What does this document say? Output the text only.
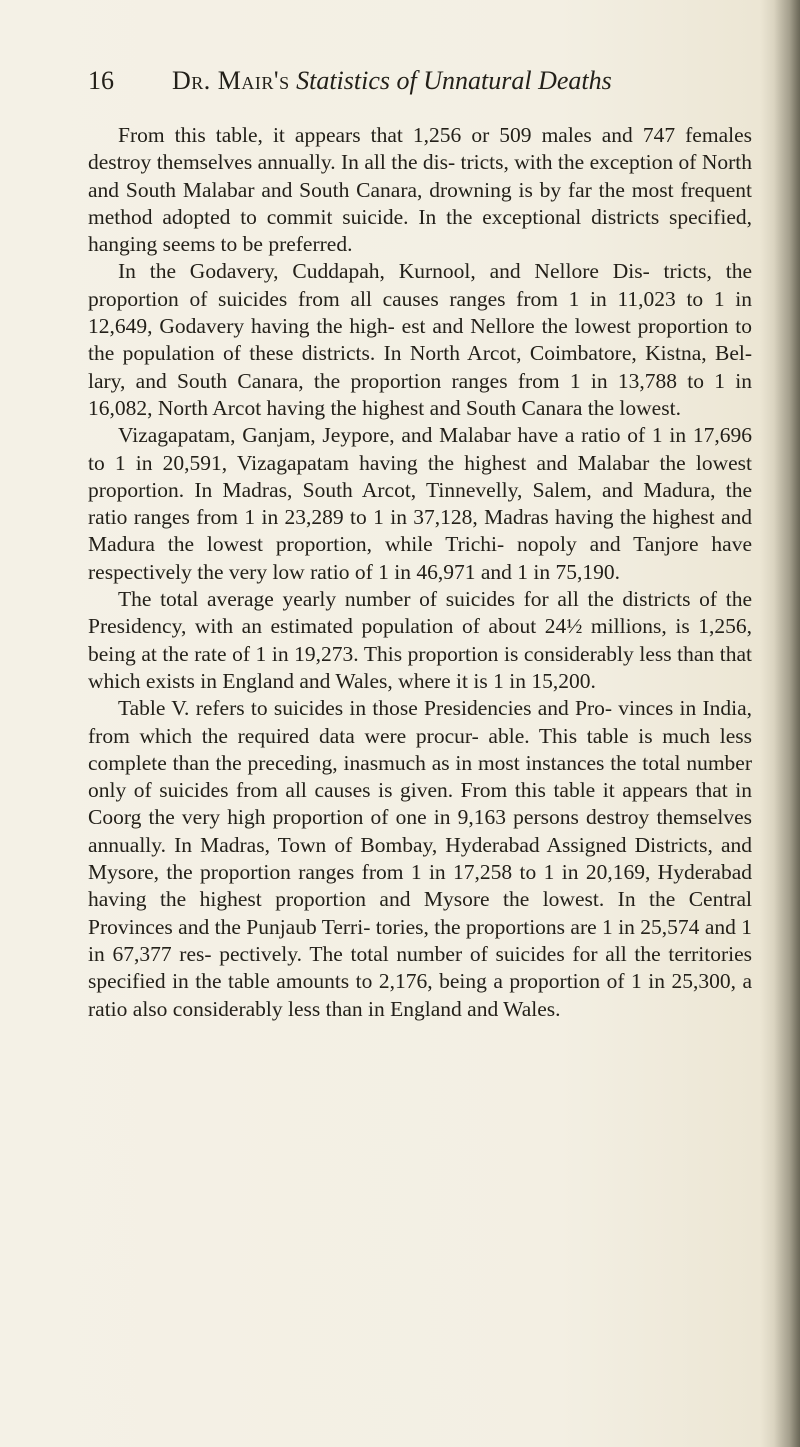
16 Dr. Mair's Statistics of Unnatural Deaths

From this table, it appears that 1,256 or 509 males and 747 females destroy themselves annually. In all the dis- tricts, with the exception of North and South Malabar and South Canara, drowning is by far the most frequent method adopted to commit suicide. In the exceptional districts specified, hanging seems to be preferred.

In the Godavery, Cuddapah, Kurnool, and Nellore Dis- tricts, the proportion of suicides from all causes ranges from 1 in 11,023 to 1 in 12,649, Godavery having the high- est and Nellore the lowest proportion to the population of these districts. In North Arcot, Coimbatore, Kistna, Bel- lary, and South Canara, the proportion ranges from 1 in 13,788 to 1 in 16,082, North Arcot having the highest and South Canara the lowest.

Vizagapatam, Ganjam, Jeypore, and Malabar have a ratio of 1 in 17,696 to 1 in 20,591, Vizagapatam having the highest and Malabar the lowest proportion. In Madras, South Arcot, Tinnevelly, Salem, and Madura, the ratio ranges from 1 in 23,289 to 1 in 37,128, Madras having the highest and Madura the lowest proportion, while Trichi- nopoly and Tanjore have respectively the very low ratio of 1 in 46,971 and 1 in 75,190.

The total average yearly number of suicides for all the districts of the Presidency, with an estimated population of about 24½ millions, is 1,256, being at the rate of 1 in 19,273. This proportion is considerably less than that which exists in England and Wales, where it is 1 in 15,200.

Table V. refers to suicides in those Presidencies and Pro- vinces in India, from which the required data were procur- able. This table is much less complete than the preceding, inasmuch as in most instances the total number only of suicides from all causes is given. From this table it appears that in Coorg the very high proportion of one in 9,163 persons destroy themselves annually. In Madras, Town of Bombay, Hyderabad Assigned Districts, and Mysore, the proportion ranges from 1 in 17,258 to 1 in 20,169, Hyderabad having the highest proportion and Mysore the lowest. In the Central Provinces and the Punjaub Terri- tories, the proportions are 1 in 25,574 and 1 in 67,377 res- pectively. The total number of suicides for all the territories specified in the table amounts to 2,176, being a proportion of 1 in 25,300, a ratio also considerably less than in England and Wales.
